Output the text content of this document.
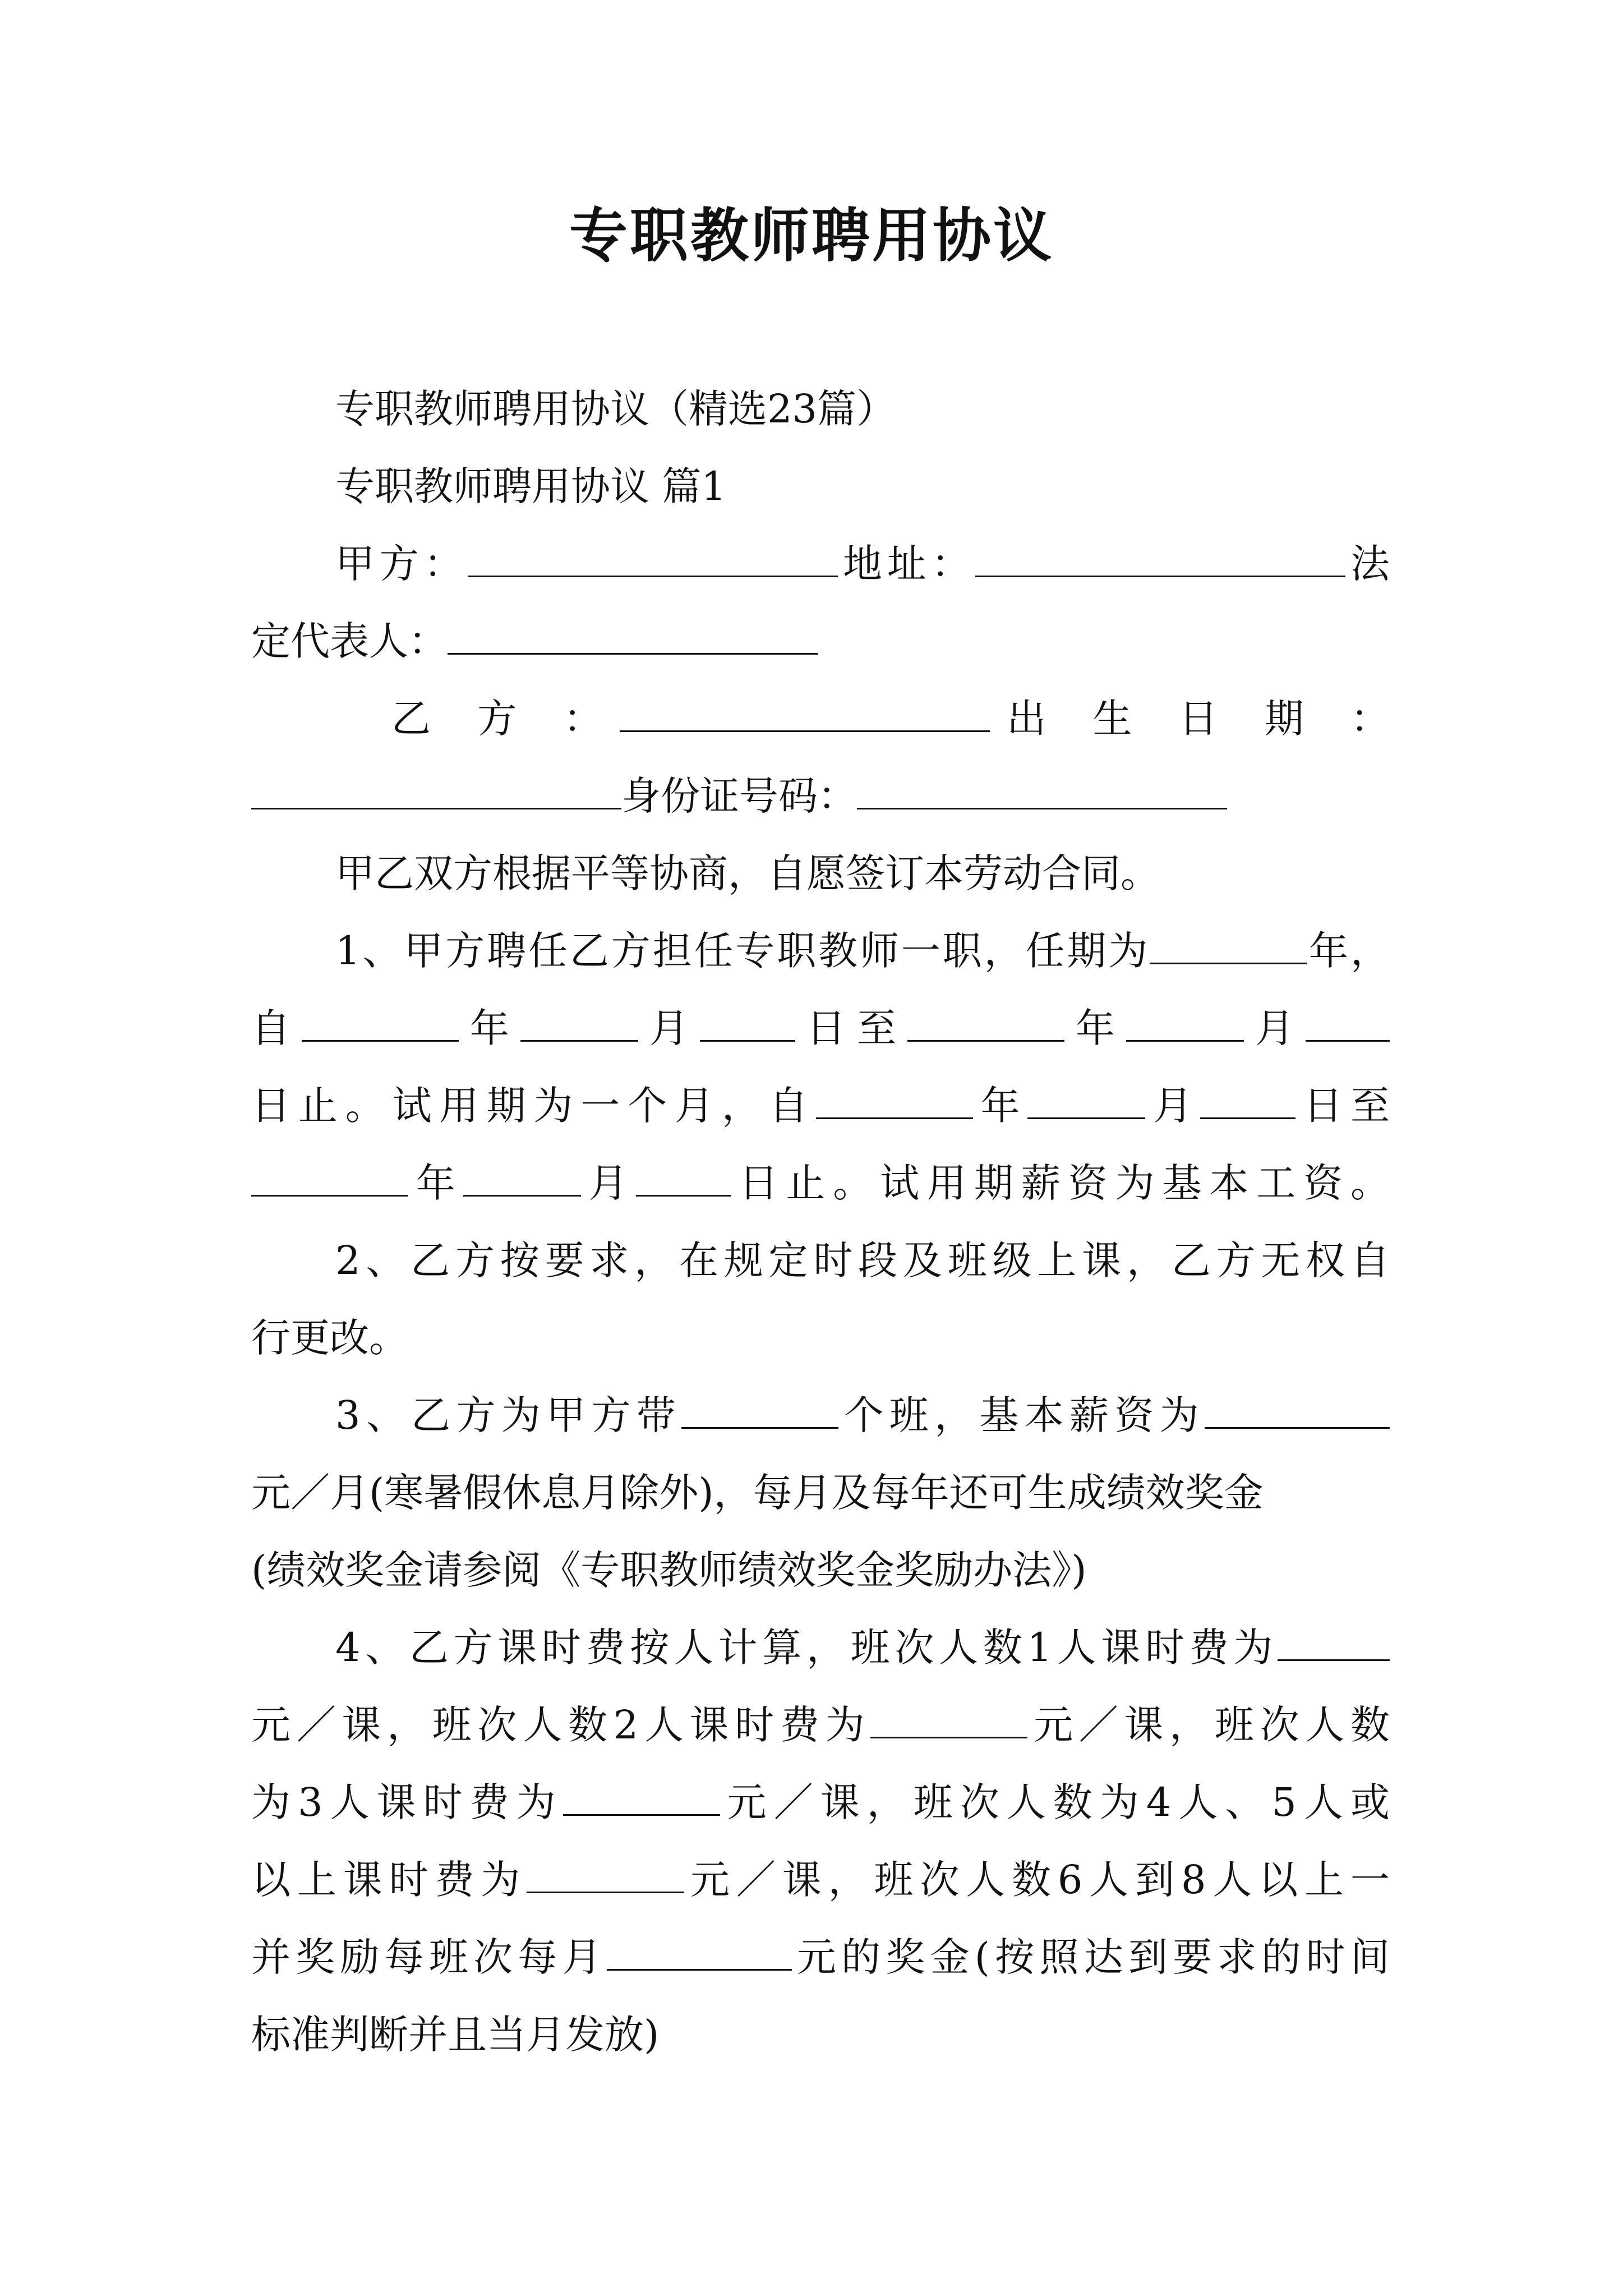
专职教师聘用协议

专职教师聘用协议（精选23篇）

专职教师聘用协议 篇1

甲方：	地址：	法

定代表人：

乙 方 ：	出 生 日 期 ：

身份证号码：

甲乙双方根据平等协商，自愿签订本劳动合同。

1、甲方聘任乙方担任专职教师一职，任期为	年，

自	年	月 日至	年	月

日止。试用期为一个月，自	年	月 日至

年	月 日止。试用期薪资为基本工资。

2、乙方按要求，在规定时段及班级上课，乙方无权自

行更改。

3、乙方为甲方带	个班，基本薪资为

元／月(寒暑假休息月除外)，每月及每年还可生成绩效奖金

(绩效奖金请参阅《专职教师绩效奖金奖励办法》)

4、乙方课时费按人计算，班次人数1人课时费为

元／课，班次人数2人课时费为	元／课，班次人数

为3人课时费为	元／课，班次人数为4人、5人或

以上课时费为	元／课，班次人数6人到8人以上一

并奖励每班次每月	元的奖金(按照达到要求的时间

标准判断并且当月发放)
